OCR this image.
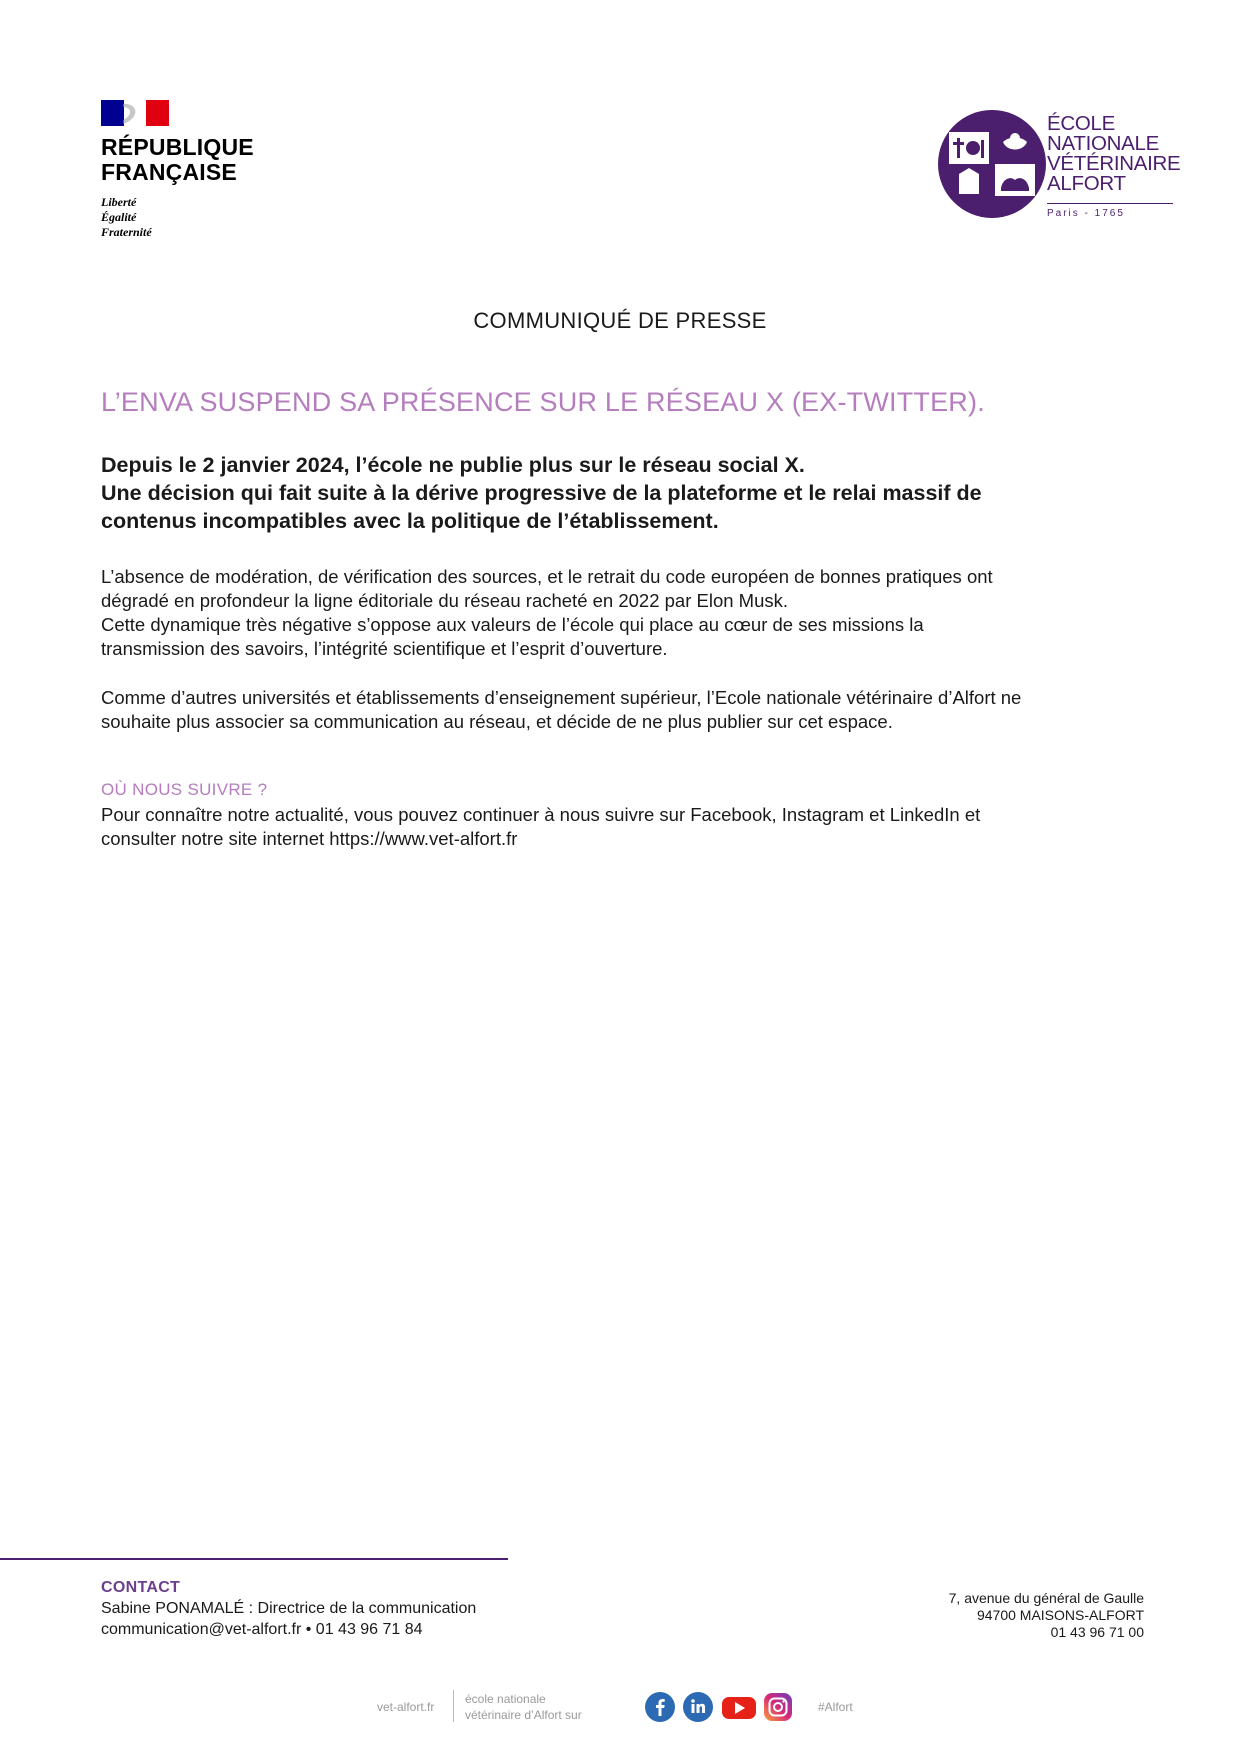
RÉPUBLIQUE
FRANÇAISE
Liberté
Égalité
Fraternité
ÉCOLE
NATIONALE
VÉTÉRINAIRE
ALFORT
Paris - 1765
COMMUNIQUÉ DE PRESSE
L’ENVA SUSPEND SA PRÉSENCE SUR LE RÉSEAU X (EX-TWITTER).
Depuis le 2 janvier 2024, l’école ne publie plus sur le réseau social X.
Une décision qui fait suite à la dérive progressive de la plateforme et le relai massif de
contenus incompatibles avec la politique de l’établissement.
L’absence de modération, de vérification des sources, et le retrait du code européen de bonnes pratiques ont
dégradé en profondeur la ligne éditoriale du réseau racheté en 2022 par Elon Musk.
Cette dynamique très négative s’oppose aux valeurs de l’école qui place au cœur de ses missions la
transmission des savoirs, l’intégrité scientifique et l’esprit d’ouverture.
Comme d’autres universités et établissements d’enseignement supérieur, l’Ecole nationale vétérinaire d’Alfort ne
souhaite plus associer sa communication au réseau, et décide de ne plus publier sur cet espace.
OÙ NOUS SUIVRE ?
Pour connaître notre actualité, vous pouvez continuer à nous suivre sur Facebook, Instagram et LinkedIn et
consulter notre site internet https://www.vet-alfort.fr
CONTACT
Sabine PONAMALÉ : Directrice de la communication
communication@vet-alfort.fr • 01 43 96 71 84
7, avenue du général de Gaulle
94700 MAISONS-ALFORT
01 43 96 71 00
vet-alfort.fr
école nationale
vétérinaire d’Alfort sur
#Alfort
